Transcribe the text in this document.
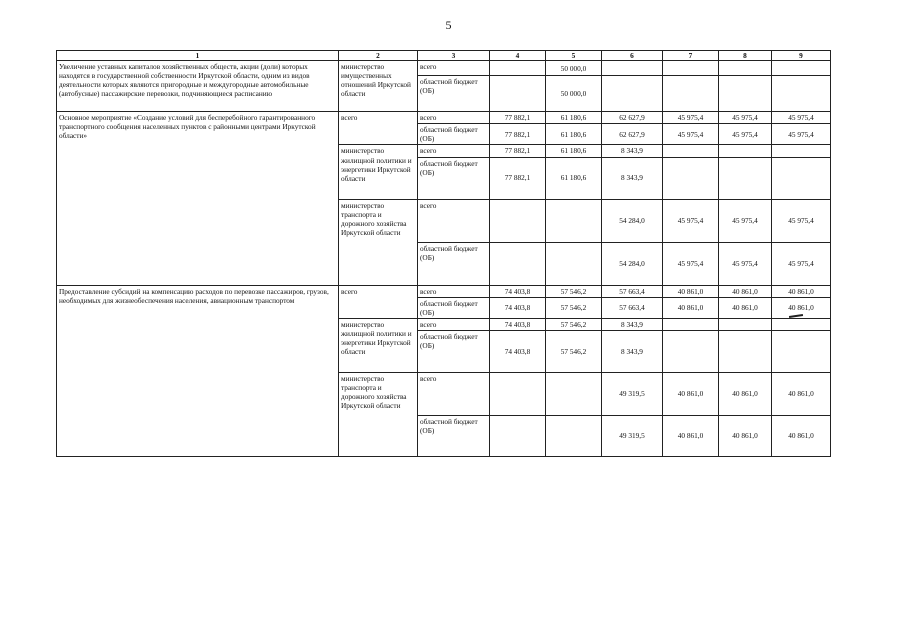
5
1	2	3	4	5	6	7	8	9
Увеличение уставных капиталов хозяйственных обществ, акции (доли) которых находятся в государственной собственности Иркутской области, одним из видов деятельности которых являются пригородные и междугородные автомобильные (автобусные) пассажирские перевозки, подчиняющиеся расписанию	министерство имущественных отношений Иркутской области	всего		50 000,0				
		областной бюджет (ОБ)		50 000,0				
Основное мероприятие «Создание условий для бесперебойного гарантированного транспортного сообщения населенных пунктов с районными центрами Иркутской области»	всего	всего	77 882,1	61 180,6	62 627,9	45 975,4	45 975,4	45 975,4
		областной бюджет (ОБ)	77 882,1	61 180,6	62 627,9	45 975,4	45 975,4	45 975,4
	министерство жилищной политики и энергетики Иркутской области	всего	77 882,1	61 180,6	8 343,9			
		областной бюджет (ОБ)	77 882,1	61 180,6	8 343,9			
	министерство транспорта и дорожного хозяйства Иркутской области	всего			54 284,0	45 975,4	45 975,4	45 975,4
		областной бюджет (ОБ)			54 284,0	45 975,4	45 975,4	45 975,4
Предоставление субсидий на компенсацию расходов по перевозке пассажиров, грузов, необходимых для жизнеобеспечения населения, авиационным транспортом	всего	всего	74 403,8	57 546,2	57 663,4	40 861,0	40 861,0	40 861,0
		областной бюджет (ОБ)	74 403,8	57 546,2	57 663,4	40 861,0	40 861,0	40 861,0
	министерство жилищной политики и энергетики Иркутской области	всего	74 403,8	57 546,2	8 343,9			
		областной бюджет (ОБ)	74 403,8	57 546,2	8 343,9			
	министерство транспорта и дорожного хозяйства Иркутской области	всего			49 319,5	40 861,0	40 861,0	40 861,0
		областной бюджет (ОБ)			49 319,5	40 861,0	40 861,0	40 861,0
